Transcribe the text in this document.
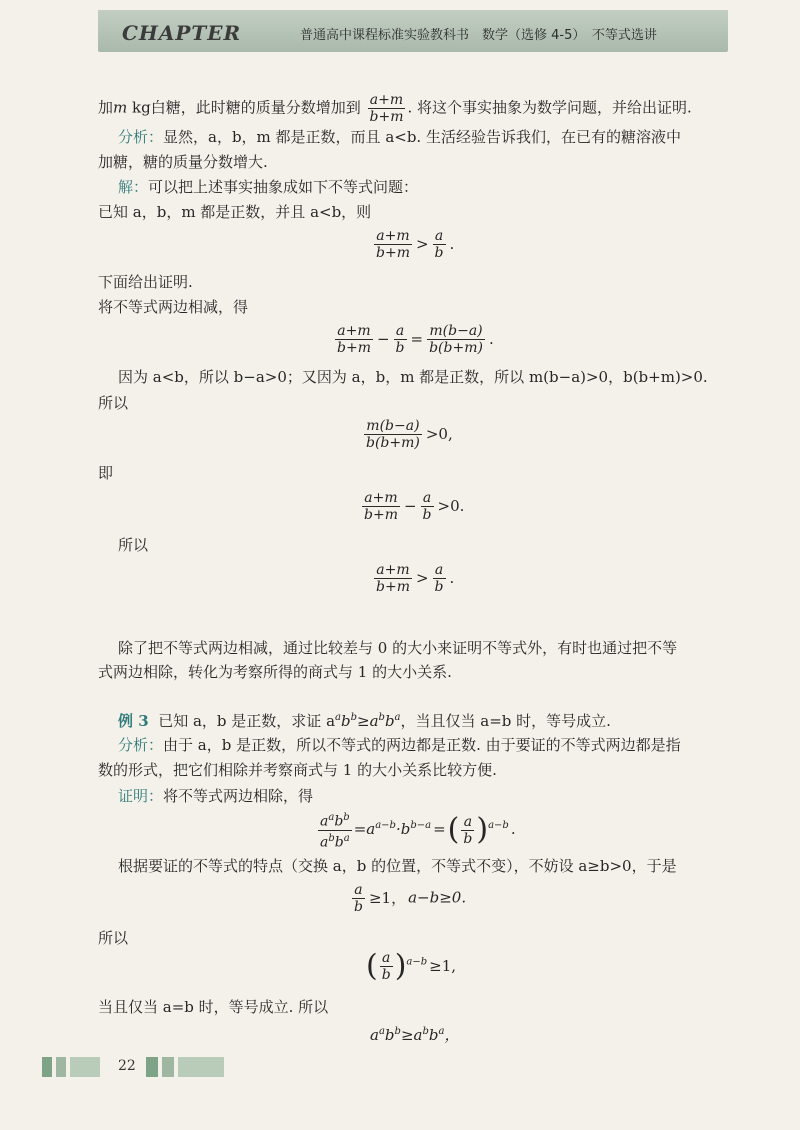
CHAPTER	普通高中课程标准实验教科书　数学（选修 4-5）　不等式选讲
加m kg白糖，此时糖的质量分数增加到 $\frac{a+m}{b+m}$ . 将这个事实抽象为数学问题，并给出证明.
分析：显然，a，b，m 都是正数，而且 a<b. 生活经验告诉我们，在已有的糖溶液中
加糖，糖的质量分数增大.
解：可以把上述事实抽象成如下不等式问题：
已知 a，b，m 都是正数，并且 a<b，则
$\frac{a+m}{b+m} > \frac{a}{b}$ .
下面给出证明.
将不等式两边相减，得
$\frac{a+m}{b+m} - \frac{a}{b} = \frac{m(b-a)}{b(b+m)}$ .
因为 a<b，所以 b−a>0；又因为 a，b，m 都是正数，所以 m(b−a)>0，b(b+m)>0.
所以
$\frac{m(b-a)}{b(b+m)} >0$,
即
$\frac{a+m}{b+m} - \frac{a}{b} >0$.
所以
$\frac{a+m}{b+m} > \frac{a}{b}$ .
除了把不等式两边相减，通过比较差与 0 的大小来证明不等式外，有时也通过把不等
式两边相除，转化为考察所得的商式与 1 的大小关系.
例 3 已知 a，b 是正数，求证 $a^ab^b\ge a^bb^a$，当且仅当 a=b 时，等号成立.
分析：由于 a，b 是正数，所以不等式的两边都是正数. 由于要证的不等式两边都是指
数的形式，把它们相除并考察商式与 1 的大小关系比较方便.
证明：将不等式两边相除，得
$\frac{a^ab^b}{a^bb^a} =a^{a-b}\cdot b^{b-a}$ =( $\frac{a}{b} )^{a-b}$ .
根据要证的不等式的特点（交换 a，b 的位置，不等式不变），不妨设 a≥b>0，于是
$\frac{a}{b} \ge 1$， a−b≥0.
所以
( $\frac{a}{b} )^{a-b} \ge 1$,
当且仅当 a=b 时，等号成立. 所以
$a^ab^b\ge a^bb^a$，
22
